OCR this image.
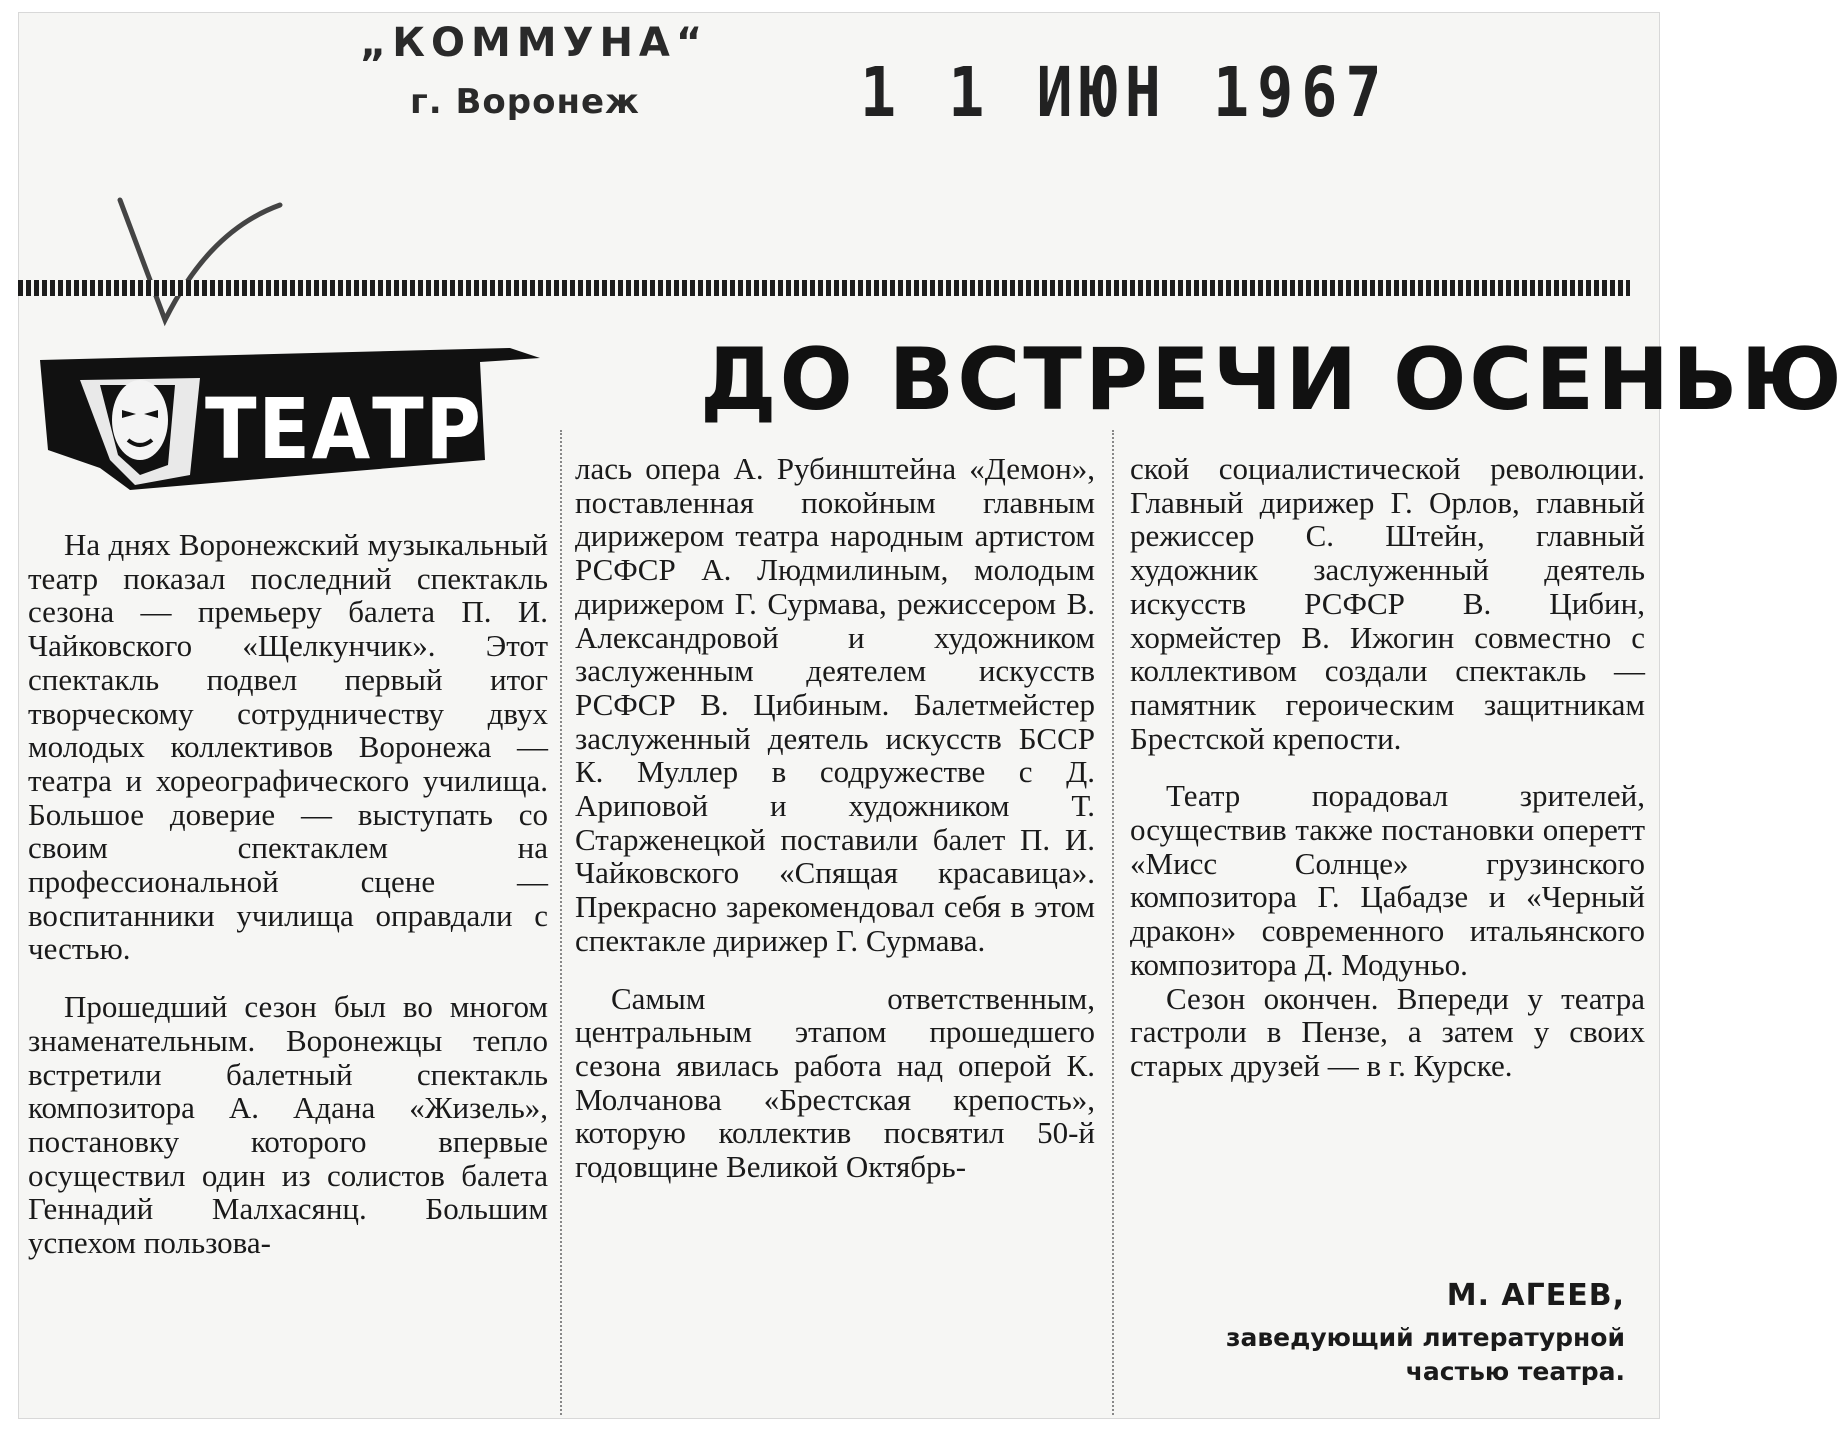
„КОММУНА“
г. Воронеж	1 1 ИЮН 1967
ТЕАТР	ДО ВСТРЕЧИ ОСЕНЬЮ

На днях Воронежский музыкальный театр показал последний спектакль сезона — премьеру балета П. И. Чайковского «Щелкунчик». Этот спектакль подвел первый итог творческому сотрудничеству двух молодых коллективов Воронежа — театра и хореографического училища. Большое доверие — выступать со своим спектаклем на профессиональной сцене — воспитанники училища оправдали с честью.

Прошедший сезон был во многом знаменательным. Воронежцы тепло встретили балетный спектакль композитора А. Адана «Жизель», постановку которого впервые осуществил один из солистов балета Геннадий Малхасянц. Большим успехом пользова-

лась опера А. Рубинштейна «Демон», поставленная покойным главным дирижером театра народным артистом РСФСР А. Людмилиным, молодым дирижером Г. Сурмава, режиссером В. Александровой и художником заслуженным деятелем искусств РСФСР В. Цибиным. Балетмейстер заслуженный деятель искусств БССР К. Муллер в содружестве с Д. Ариповой и художником Т. Старженецкой поставили балет П. И. Чайковского «Спящая красавица». Прекрасно зарекомендовал себя в этом спектакле дирижер Г. Сурмава.

Самым ответственным, центральным этапом прошедшего сезона явилась работа над оперой К. Молчанова «Брестская крепость», которую коллектив посвятил 50-й годовщине Великой Октябрь-

ской социалистической революции. Главный дирижер Г. Орлов, главный режиссер С. Штейн, главный художник заслуженный деятель искусств РСФСР В. Цибин, хормейстер В. Ижогин совместно с коллективом создали спектакль — памятник героическим защитникам Брестской крепости.

Театр порадовал зрителей, осуществив также постановки оперетт «Мисс Солнце» грузинского композитора Г. Цабадзе и «Черный дракон» современного итальянского композитора Д. Модуньо.

Сезон окончен. Впереди у театра гастроли в Пензе, а затем у своих старых друзей — в г. Курске.

М. АГЕЕВ,
заведующий литературной
частью театра.
